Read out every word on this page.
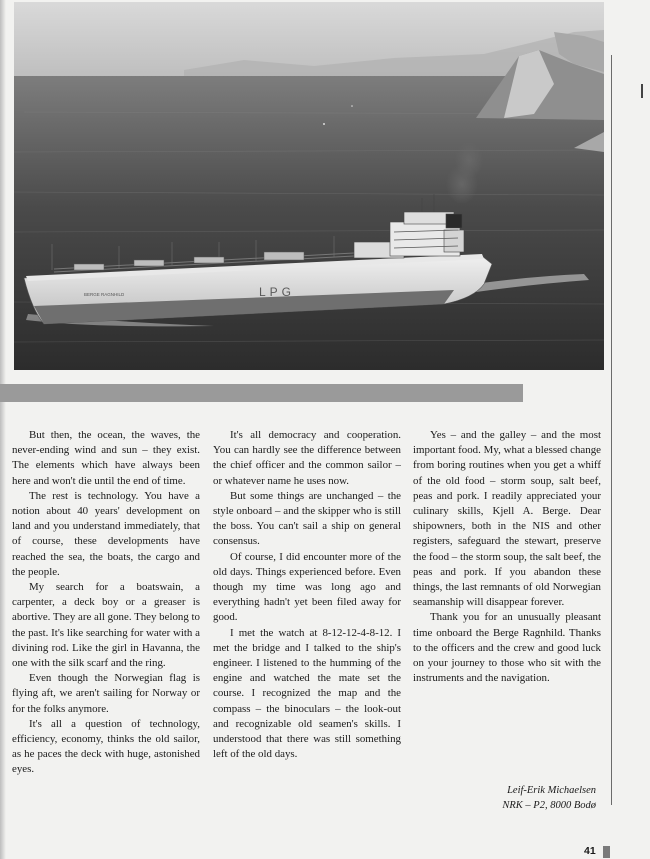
LPG
BERGE RAGNHILD

But then, the ocean, the waves, the never-ending wind and sun – they exist. The elements which have always been here and won't die until the end of time.

The rest is technology. You have a notion about 40 years' development on land and you understand immediately, that of course, these developments have reached the sea, the boats, the cargo and the people.

My search for a boatswain, a carpenter, a deck boy or a greaser is abortive. They are all gone. They belong to the past. It's like searching for water with a divining rod. Like the girl in Havanna, the one with the silk scarf and the ring.

Even though the Norwegian flag is flying aft, we aren't sailing for Norway or for the folks anymore.

It's all a question of technology, efficiency, economy, thinks the old sailor, as he paces the deck with huge, astonished eyes.

It's all democracy and cooperation. You can hardly see the difference between the chief officer and the common sailor – or whatever name he uses now.

But some things are unchanged – the style onboard – and the skipper who is still the boss. You can't sail a ship on general consensus.

Of course, I did encounter more of the old days. Things experienced before. Even though my time was long ago and everything hadn't yet been filed away for good.

I met the watch at 8-12-12-4-8-12. I met the bridge and I talked to the ship's engineer. I listened to the humming of the engine and watched the mate set the course. I recognized the map and the compass – the binoculars – the look-out and recognizable old seamen's skills. I understood that there was still something left of the old days.

Yes – and the galley – and the most important food. My, what a blessed change from boring routines when you get a whiff of the old food – storm soup, salt beef, peas and pork. I readily appreciated your culinary skills, Kjell A. Berge. Dear shipowners, both in the NIS and other registers, safeguard the stewart, preserve the food – the storm soup, the salt beef, the peas and pork. If you abandon these things, the last remnants of old Norwegian seamanship will disappear forever.

Thank you for an unusually pleasant time onboard the Berge Ragnhild. Thanks to the officers and the crew and good luck on your journey to those who sit with the instruments and the navigation.

Leif-Erik Michaelsen
NRK – P2, 8000 Bodø
41
